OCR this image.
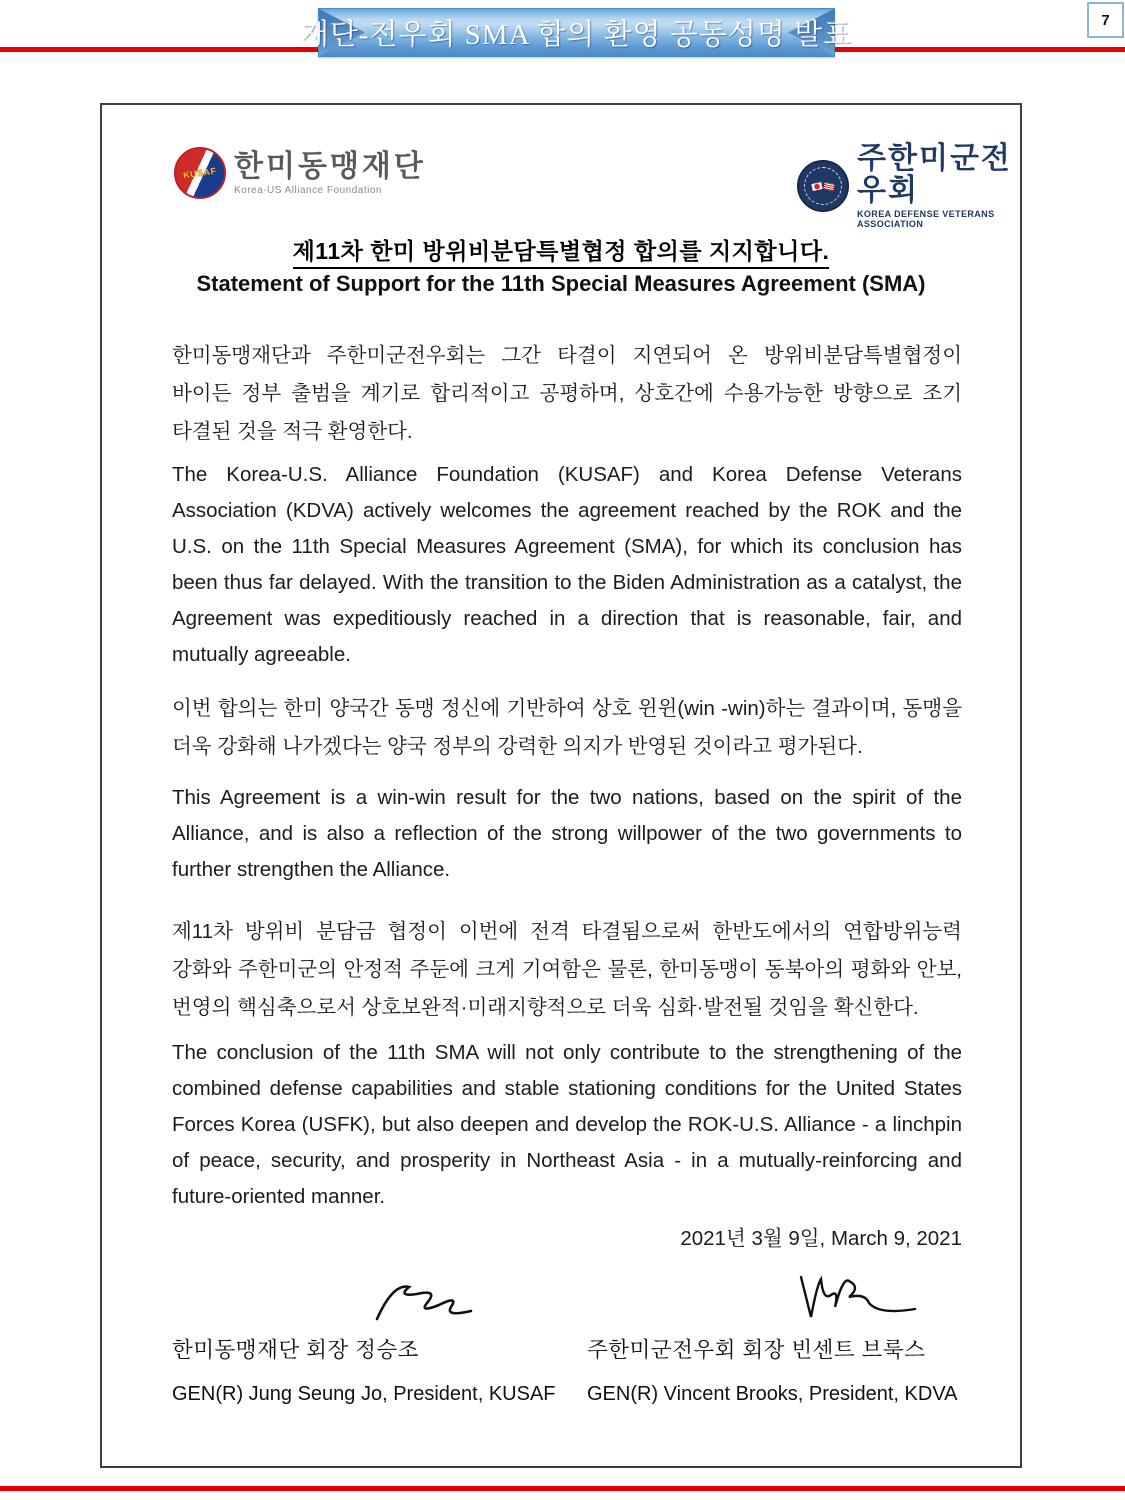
재단-전우회 SMA 합의 환영 공동성명 발표	7
KUSAF 한미동맹재단
Korea-US Alliance Foundation
주한미군전우회
KOREA DEFENSE VETERANS ASSOCIATION
제11차 한미 방위비분담특별협정 합의를 지지합니다.
Statement of Support for the 11th Special Measures Agreement (SMA)

한미동맹재단과 주한미군전우회는 그간 타결이 지연되어 온 방위비분담특별협정이 바이든 정부 출범을 계기로 합리적이고 공평하며, 상호간에 수용가능한 방향으로 조기 타결된 것을 적극 환영한다.

The Korea-U.S. Alliance Foundation (KUSAF) and Korea Defense Veterans Association (KDVA) actively welcomes the agreement reached by the ROK and the U.S. on the 11th Special Measures Agreement (SMA), for which its conclusion has been thus far delayed. With the transition to the Biden Administration as a catalyst, the Agreement was expeditiously reached in a direction that is reasonable, fair, and mutually agreeable.

이번 합의는 한미 양국간 동맹 정신에 기반하여 상호 윈윈(win -win)하는 결과이며, 동맹을 더욱 강화해 나가겠다는 양국 정부의 강력한 의지가 반영된 것이라고 평가된다.

This Agreement is a win-win result for the two nations, based on the spirit of the Alliance, and is also a reflection of the strong willpower of the two governments to further strengthen the Alliance.

제11차 방위비 분담금 협정이 이번에 전격 타결됨으로써 한반도에서의 연합방위능력 강화와 주한미군의 안정적 주둔에 크게 기여함은 물론, 한미동맹이 동북아의 평화와 안보, 번영의 핵심축으로서 상호보완적·미래지향적으로 더욱 심화·발전될 것임을 확신한다.

The conclusion of the 11th SMA will not only contribute to the strengthening of the combined defense capabilities and stable stationing conditions for the United States Forces Korea (USFK), but also deepen and develop the ROK-U.S. Alliance - a linchpin of peace, security, and prosperity in Northeast Asia - in a mutually-reinforcing and future-oriented manner.

2021년 3월 9일, March 9, 2021
한미동맹재단 회장 정승조	주한미군전우회 회장 빈센트 브룩스
GEN(R) Jung Seung Jo, President, KUSAF GEN(R) Vincent Brooks, President, KDVA
